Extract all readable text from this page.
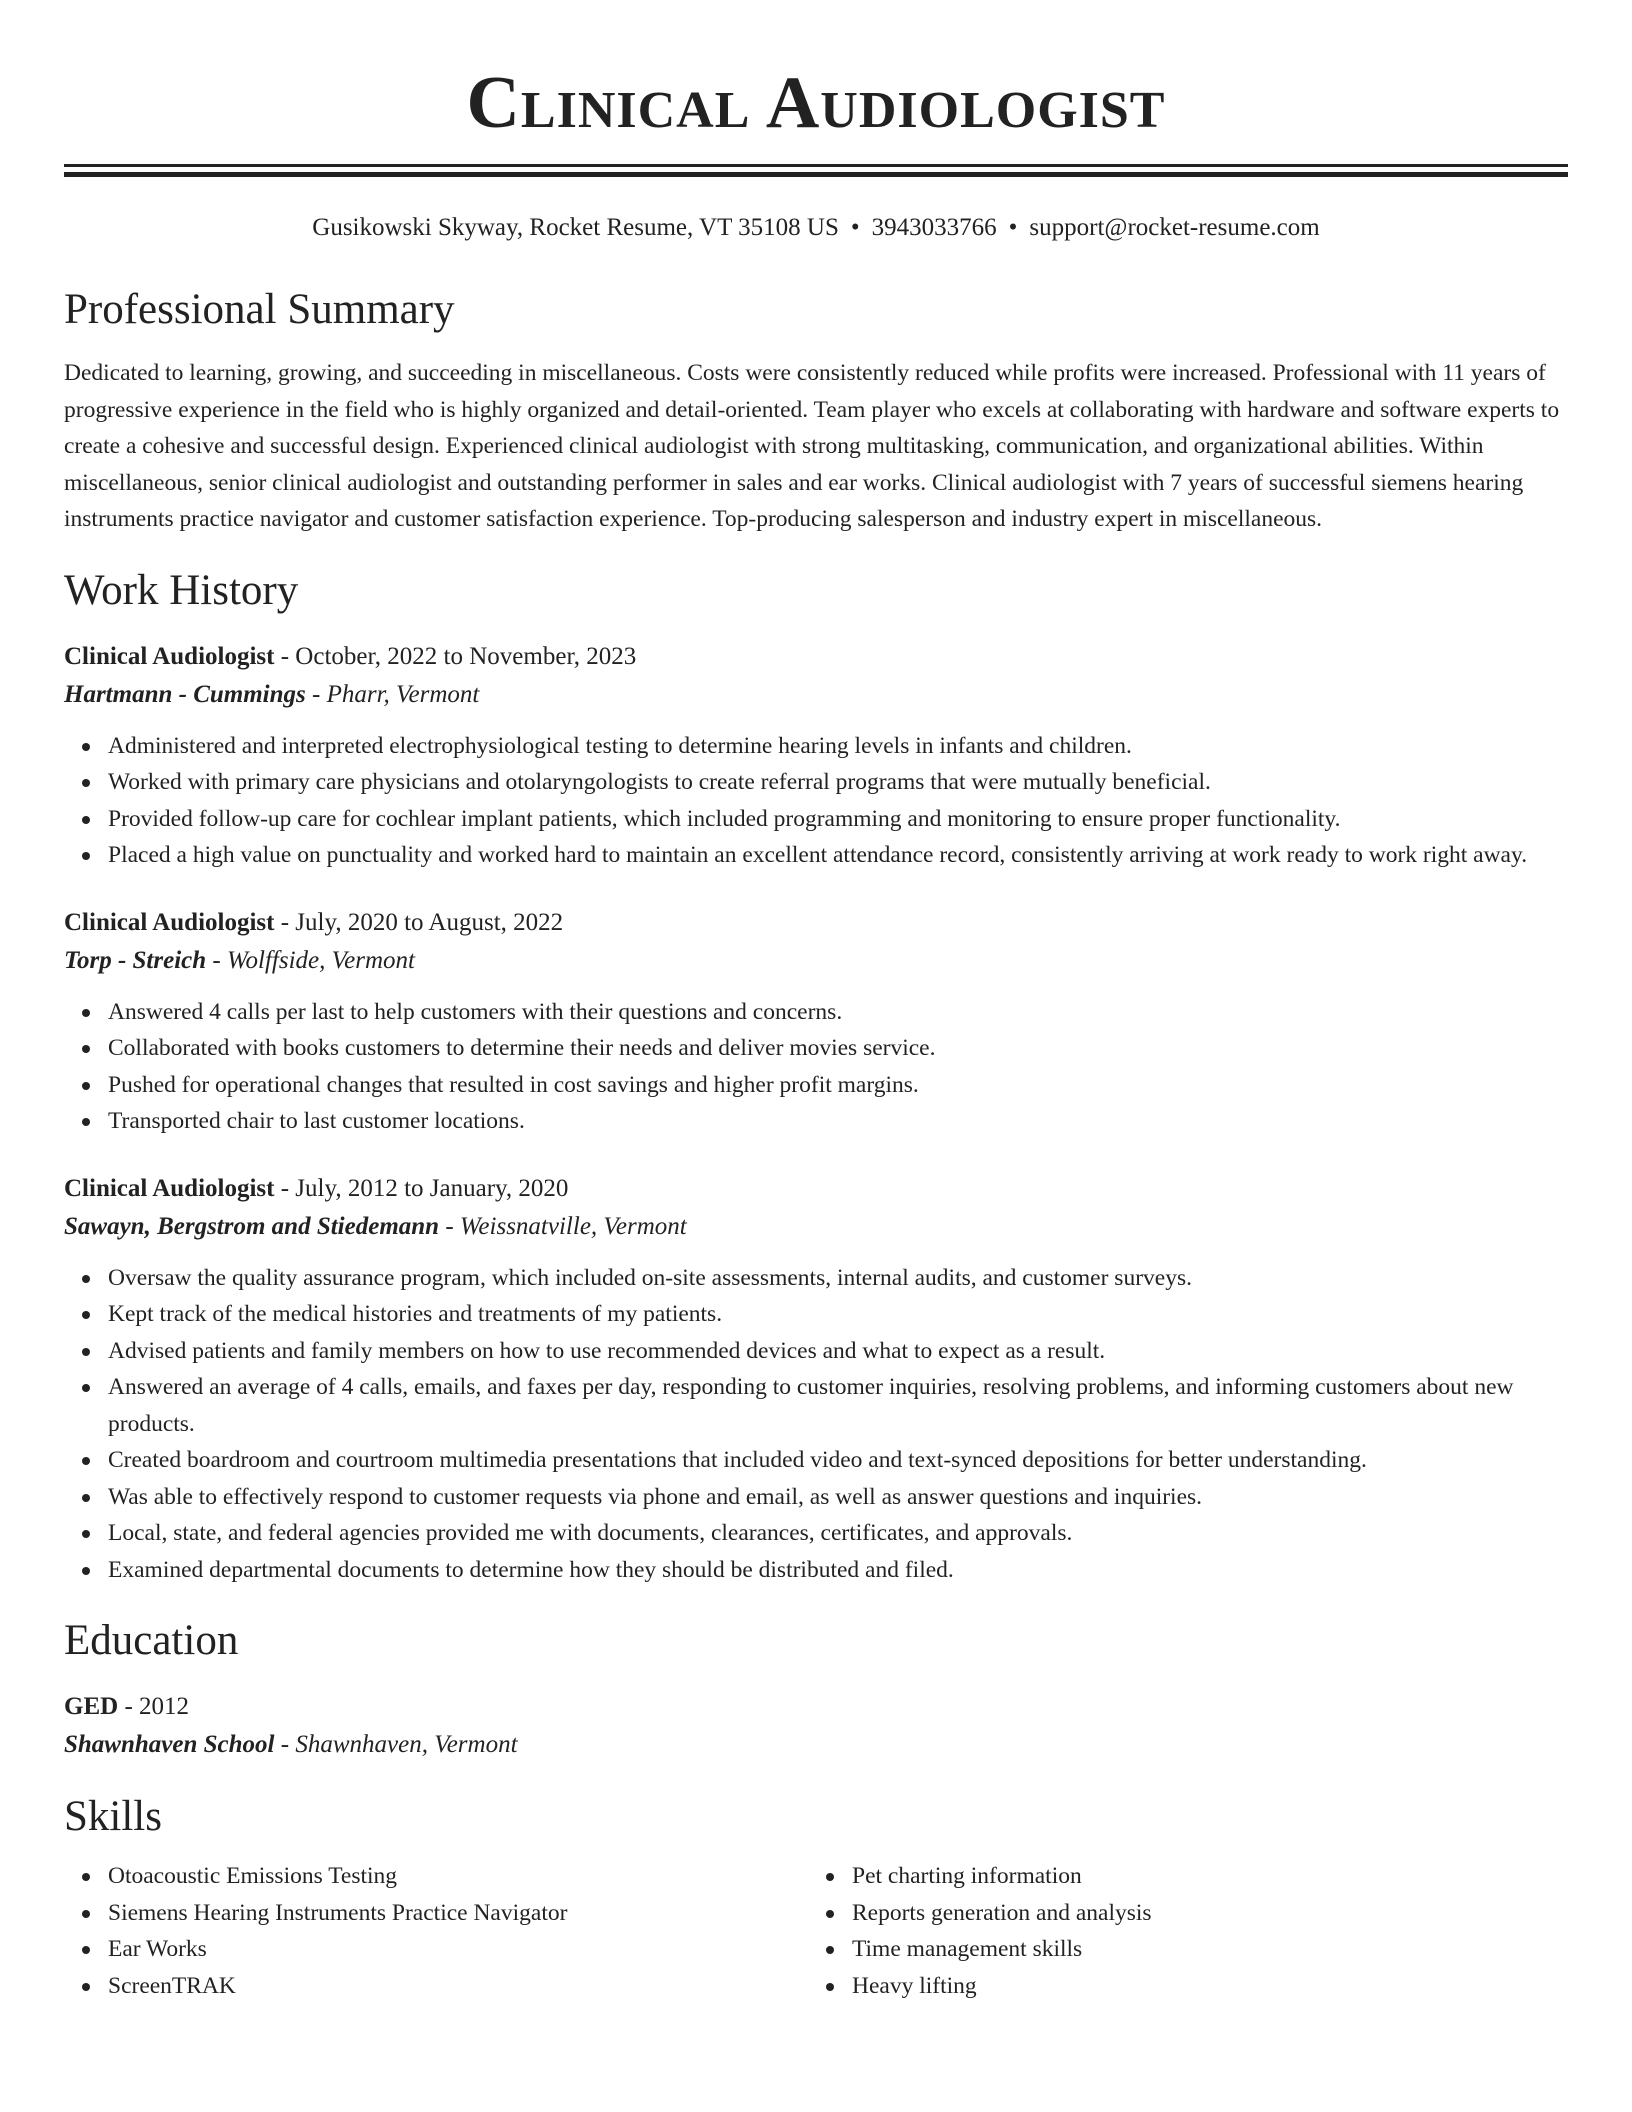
Clinical Audiologist
Gusikowski Skyway, Rocket Resume, VT 35108 US • 3943033766 • support@rocket-resume.com
Professional Summary

Dedicated to learning, growing, and succeeding in miscellaneous. Costs were consistently reduced while profits were increased. Professional with 11 years of progressive experience in the field who is highly organized and detail-oriented. Team player who excels at collaborating with hardware and software experts to create a cohesive and successful design. Experienced clinical audiologist with strong multitasking, communication, and organizational abilities. Within miscellaneous, senior clinical audiologist and outstanding performer in sales and ear works. Clinical audiologist with 7 years of successful siemens hearing instruments practice navigator and customer satisfaction experience. Top-producing salesperson and industry expert in miscellaneous.

Work History
Clinical Audiologist - October, 2022 to November, 2023
Hartmann - Cummings - Pharr, Vermont
Administered and interpreted electrophysiological testing to determine hearing levels in infants and children.
Worked with primary care physicians and otolaryngologists to create referral programs that were mutually beneficial.
Provided follow-up care for cochlear implant patients, which included programming and monitoring to ensure proper functionality.
Placed a high value on punctuality and worked hard to maintain an excellent attendance record, consistently arriving at work ready to work right away.
Clinical Audiologist - July, 2020 to August, 2022
Torp - Streich - Wolffside, Vermont
Answered 4 calls per last to help customers with their questions and concerns.
Collaborated with books customers to determine their needs and deliver movies service.
Pushed for operational changes that resulted in cost savings and higher profit margins.
Transported chair to last customer locations.
Clinical Audiologist - July, 2012 to January, 2020
Sawayn, Bergstrom and Stiedemann - Weissnatville, Vermont
Oversaw the quality assurance program, which included on-site assessments, internal audits, and customer surveys.
Kept track of the medical histories and treatments of my patients.
Advised patients and family members on how to use recommended devices and what to expect as a result.
Answered an average of 4 calls, emails, and faxes per day, responding to customer inquiries, resolving problems, and informing customers about new products.
Created boardroom and courtroom multimedia presentations that included video and text-synced depositions for better understanding.
Was able to effectively respond to customer requests via phone and email, as well as answer questions and inquiries.
Local, state, and federal agencies provided me with documents, clearances, certificates, and approvals.
Examined departmental documents to determine how they should be distributed and filed.
Education
GED - 2012
Shawnhaven School - Shawnhaven, Vermont
Skills
Otoacoustic Emissions Testing
Siemens Hearing Instruments Practice Navigator
Ear Works
ScreenTRAK
Pet charting information
Reports generation and analysis
Time management skills
Heavy lifting
